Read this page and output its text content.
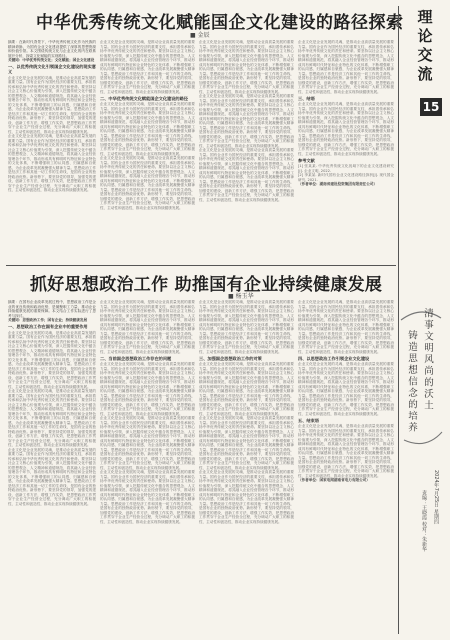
中华优秀传统文化赋能国企文化建设的路径探索
■ 金辰

摘要：在新时代背景下，中华优秀传统文化作为民族的精神命脉，为国有企业文化建设提供了深厚的思想资源和价值引领。本文围绕传统文化与企业文化的内在联系展开分析，探索文化赋能的实现路径。

关键词：中华优秀传统文化；文化赋能；国企文化建设

一、以优秀传统文化引领国企文化建设的现实意义

企业文化是企业发展的灵魂，是推动企业高质量发展的重要力量。国有企业作为国民经济的重要支柱，承担着传承和弘扬中华优秀传统文化的责任和使命。要坚持以社会主义核心价值观为引领，深入挖掘传统文化中蕴含的思想观念、人文精神和道德规范，将其融入企业经营管理各个环节，推动形成具有鲜明时代特征和企业特色的文化体系，不断增强职工的认同感、归属感和自豪感，为企业改革发展凝聚强大精神力量。思想政治工作是经济工作和其他一切工作的生命线，是国有企业的独特政治优势。新形势下，要坚持党的领导，加强党的建设，创新工作方法，增强工作实效，把思想政治工作贯穿于企业生产经营全过程，充分调动广大职工的积极性、主动性和创造性，推动企业实现持续健康发展。

企业文化是企业发展的灵魂，是推动企业高质量发展的重要力量。国有企业作为国民经济的重要支柱，承担着传承和弘扬中华优秀传统文化的责任和使命。要坚持以社会主义核心价值观为引领，深入挖掘传统文化中蕴含的思想观念、人文精神和道德规范，将其融入企业经营管理各个环节，推动形成具有鲜明时代特征和企业特色的文化体系，不断增强职工的认同感、归属感和自豪感，为企业改革发展凝聚强大精神力量。思想政治工作是经济工作和其他一切工作的生命线，是国有企业的独特政治优势。新形势下，要坚持党的领导，加强党的建设，创新工作方法，增强工作实效，把思想政治工作贯穿于企业生产经营全过程，充分调动广大职工的积极性、主动性和创造性，推动企业实现持续健康发展。

企业文化是企业发展的灵魂，是推动企业高质量发展的重要力量。国有企业作为国民经济的重要支柱，承担着传承和弘扬中华优秀传统文化的责任和使命。要坚持以社会主义核心价值观为引领，深入挖掘传统文化中蕴含的思想观念、人文精神和道德规范，将其融入企业经营管理各个环节，推动形成具有鲜明时代特征和企业特色的文化体系，不断增强职工的认同感、归属感和自豪感，为企业改革发展凝聚强大精神力量。思想政治工作是经济工作和其他一切工作的生命线，是国有企业的独特政治优势。新形势下，要坚持党的领导，加强党的建设，创新工作方法，增强工作实效，把思想政治工作贯穿于企业生产经营全过程，充分调动广大职工的积极性、主动性和创造性，推动企业实现持续健康发展。

二、中华优秀传统文化赋能国企文化建设的路径

企业文化是企业发展的灵魂，是推动企业高质量发展的重要力量。国有企业作为国民经济的重要支柱，承担着传承和弘扬中华优秀传统文化的责任和使命。要坚持以社会主义核心价值观为引领，深入挖掘传统文化中蕴含的思想观念、人文精神和道德规范，将其融入企业经营管理各个环节，推动形成具有鲜明时代特征和企业特色的文化体系，不断增强职工的认同感、归属感和自豪感，为企业改革发展凝聚强大精神力量。思想政治工作是经济工作和其他一切工作的生命线，是国有企业的独特政治优势。新形势下，要坚持党的领导，加强党的建设，创新工作方法，增强工作实效，把思想政治工作贯穿于企业生产经营全过程，充分调动广大职工的积极性、主动性和创造性，推动企业实现持续健康发展。

企业文化是企业发展的灵魂，是推动企业高质量发展的重要力量。国有企业作为国民经济的重要支柱，承担着传承和弘扬中华优秀传统文化的责任和使命。要坚持以社会主义核心价值观为引领，深入挖掘传统文化中蕴含的思想观念、人文精神和道德规范，将其融入企业经营管理各个环节，推动形成具有鲜明时代特征和企业特色的文化体系，不断增强职工的认同感、归属感和自豪感，为企业改革发展凝聚强大精神力量。思想政治工作是经济工作和其他一切工作的生命线，是国有企业的独特政治优势。新形势下，要坚持党的领导，加强党的建设，创新工作方法，增强工作实效，把思想政治工作贯穿于企业生产经营全过程，充分调动广大职工的积极性、主动性和创造性，推动企业实现持续健康发展。

企业文化是企业发展的灵魂，是推动企业高质量发展的重要力量。国有企业作为国民经济的重要支柱，承担着传承和弘扬中华优秀传统文化的责任和使命。要坚持以社会主义核心价值观为引领，深入挖掘传统文化中蕴含的思想观念、人文精神和道德规范，将其融入企业经营管理各个环节，推动形成具有鲜明时代特征和企业特色的文化体系，不断增强职工的认同感、归属感和自豪感，为企业改革发展凝聚强大精神力量。思想政治工作是经济工作和其他一切工作的生命线，是国有企业的独特政治优势。新形势下，要坚持党的领导，加强党的建设，创新工作方法，增强工作实效，把思想政治工作贯穿于企业生产经营全过程，充分调动广大职工的积极性、主动性和创造性，推动企业实现持续健康发展。

企业文化是企业发展的灵魂，是推动企业高质量发展的重要力量。国有企业作为国民经济的重要支柱，承担着传承和弘扬中华优秀传统文化的责任和使命。要坚持以社会主义核心价值观为引领，深入挖掘传统文化中蕴含的思想观念、人文精神和道德规范，将其融入企业经营管理各个环节，推动形成具有鲜明时代特征和企业特色的文化体系，不断增强职工的认同感、归属感和自豪感，为企业改革发展凝聚强大精神力量。思想政治工作是经济工作和其他一切工作的生命线，是国有企业的独特政治优势。新形势下，要坚持党的领导，加强党的建设，创新工作方法，增强工作实效，把思想政治工作贯穿于企业生产经营全过程，充分调动广大职工的积极性、主动性和创造性，推动企业实现持续健康发展。

企业文化是企业发展的灵魂，是推动企业高质量发展的重要力量。国有企业作为国民经济的重要支柱，承担着传承和弘扬中华优秀传统文化的责任和使命。要坚持以社会主义核心价值观为引领，深入挖掘传统文化中蕴含的思想观念、人文精神和道德规范，将其融入企业经营管理各个环节，推动形成具有鲜明时代特征和企业特色的文化体系，不断增强职工的认同感、归属感和自豪感，为企业改革发展凝聚强大精神力量。思想政治工作是经济工作和其他一切工作的生命线，是国有企业的独特政治优势。新形势下，要坚持党的领导，加强党的建设，创新工作方法，增强工作实效，把思想政治工作贯穿于企业生产经营全过程，充分调动广大职工的积极性、主动性和创造性，推动企业实现持续健康发展。

企业文化是企业发展的灵魂，是推动企业高质量发展的重要力量。国有企业作为国民经济的重要支柱，承担着传承和弘扬中华优秀传统文化的责任和使命。要坚持以社会主义核心价值观为引领，深入挖掘传统文化中蕴含的思想观念、人文精神和道德规范，将其融入企业经营管理各个环节，推动形成具有鲜明时代特征和企业特色的文化体系，不断增强职工的认同感、归属感和自豪感，为企业改革发展凝聚强大精神力量。思想政治工作是经济工作和其他一切工作的生命线，是国有企业的独特政治优势。新形势下，要坚持党的领导，加强党的建设，创新工作方法，增强工作实效，把思想政治工作贯穿于企业生产经营全过程，充分调动广大职工的积极性、主动性和创造性，推动企业实现持续健康发展。

三、结语

企业文化是企业发展的灵魂，是推动企业高质量发展的重要力量。国有企业作为国民经济的重要支柱，承担着传承和弘扬中华优秀传统文化的责任和使命。要坚持以社会主义核心价值观为引领，深入挖掘传统文化中蕴含的思想观念、人文精神和道德规范，将其融入企业经营管理各个环节，推动形成具有鲜明时代特征和企业特色的文化体系，不断增强职工的认同感、归属感和自豪感，为企业改革发展凝聚强大精神力量。思想政治工作是经济工作和其他一切工作的生命线，是国有企业的独特政治优势。新形势下，要坚持党的领导，加强党的建设，创新工作方法，增强工作实效，把思想政治工作贯穿于企业生产经营全过程，充分调动广大职工的积极性、主动性和创造性，推动企业实现持续健康发展。

参考文献

[1] 张某某. 中华优秀传统文化视域下的企业文化建设研究[J]. 企业文明, 2022.

[2] 李某某. 新时代国有企业文化建设路径探析[J]. 现代国企研究, 2021.

（作者单位：湖南省建设投资集团有限责任公司）

抓好思想政治工作 助推国有企业持续健康发展
■ 杨玉华

摘要：在国有企业改革发展过程中，思想政治工作是企业的优良传统和政治优势，是凝聚职工力量、推动企业持续健康发展的重要保障。本文结合工作实际进行了思考与探讨。

关键词：思想政治工作；国有企业；持续健康发展

一、思想政治工作在国有企业中的重要作用

企业文化是企业发展的灵魂，是推动企业高质量发展的重要力量。国有企业作为国民经济的重要支柱，承担着传承和弘扬中华优秀传统文化的责任和使命。要坚持以社会主义核心价值观为引领，深入挖掘传统文化中蕴含的思想观念、人文精神和道德规范，将其融入企业经营管理各个环节，推动形成具有鲜明时代特征和企业特色的文化体系，不断增强职工的认同感、归属感和自豪感，为企业改革发展凝聚强大精神力量。思想政治工作是经济工作和其他一切工作的生命线，是国有企业的独特政治优势。新形势下，要坚持党的领导，加强党的建设，创新工作方法，增强工作实效，把思想政治工作贯穿于企业生产经营全过程，充分调动广大职工的积极性、主动性和创造性，推动企业实现持续健康发展。

企业文化是企业发展的灵魂，是推动企业高质量发展的重要力量。国有企业作为国民经济的重要支柱，承担着传承和弘扬中华优秀传统文化的责任和使命。要坚持以社会主义核心价值观为引领，深入挖掘传统文化中蕴含的思想观念、人文精神和道德规范，将其融入企业经营管理各个环节，推动形成具有鲜明时代特征和企业特色的文化体系，不断增强职工的认同感、归属感和自豪感，为企业改革发展凝聚强大精神力量。思想政治工作是经济工作和其他一切工作的生命线，是国有企业的独特政治优势。新形势下，要坚持党的领导，加强党的建设，创新工作方法，增强工作实效，把思想政治工作贯穿于企业生产经营全过程，充分调动广大职工的积极性、主动性和创造性，推动企业实现持续健康发展。

企业文化是企业发展的灵魂，是推动企业高质量发展的重要力量。国有企业作为国民经济的重要支柱，承担着传承和弘扬中华优秀传统文化的责任和使命。要坚持以社会主义核心价值观为引领，深入挖掘传统文化中蕴含的思想观念、人文精神和道德规范，将其融入企业经营管理各个环节，推动形成具有鲜明时代特征和企业特色的文化体系，不断增强职工的认同感、归属感和自豪感，为企业改革发展凝聚强大精神力量。思想政治工作是经济工作和其他一切工作的生命线，是国有企业的独特政治优势。新形势下，要坚持党的领导，加强党的建设，创新工作方法，增强工作实效，把思想政治工作贯穿于企业生产经营全过程，充分调动广大职工的积极性、主动性和创造性，推动企业实现持续健康发展。

企业文化是企业发展的灵魂，是推动企业高质量发展的重要力量。国有企业作为国民经济的重要支柱，承担着传承和弘扬中华优秀传统文化的责任和使命。要坚持以社会主义核心价值观为引领，深入挖掘传统文化中蕴含的思想观念、人文精神和道德规范，将其融入企业经营管理各个环节，推动形成具有鲜明时代特征和企业特色的文化体系，不断增强职工的认同感、归属感和自豪感，为企业改革发展凝聚强大精神力量。思想政治工作是经济工作和其他一切工作的生命线，是国有企业的独特政治优势。新形势下，要坚持党的领导，加强党的建设，创新工作方法，增强工作实效，把思想政治工作贯穿于企业生产经营全过程，充分调动广大职工的积极性、主动性和创造性，推动企业实现持续健康发展。

二、当前国企思想政治工作存在的问题

企业文化是企业发展的灵魂，是推动企业高质量发展的重要力量。国有企业作为国民经济的重要支柱，承担着传承和弘扬中华优秀传统文化的责任和使命。要坚持以社会主义核心价值观为引领，深入挖掘传统文化中蕴含的思想观念、人文精神和道德规范，将其融入企业经营管理各个环节，推动形成具有鲜明时代特征和企业特色的文化体系，不断增强职工的认同感、归属感和自豪感，为企业改革发展凝聚强大精神力量。思想政治工作是经济工作和其他一切工作的生命线，是国有企业的独特政治优势。新形势下，要坚持党的领导，加强党的建设，创新工作方法，增强工作实效，把思想政治工作贯穿于企业生产经营全过程，充分调动广大职工的积极性、主动性和创造性，推动企业实现持续健康发展。

企业文化是企业发展的灵魂，是推动企业高质量发展的重要力量。国有企业作为国民经济的重要支柱，承担着传承和弘扬中华优秀传统文化的责任和使命。要坚持以社会主义核心价值观为引领，深入挖掘传统文化中蕴含的思想观念、人文精神和道德规范，将其融入企业经营管理各个环节，推动形成具有鲜明时代特征和企业特色的文化体系，不断增强职工的认同感、归属感和自豪感，为企业改革发展凝聚强大精神力量。思想政治工作是经济工作和其他一切工作的生命线，是国有企业的独特政治优势。新形势下，要坚持党的领导，加强党的建设，创新工作方法，增强工作实效，把思想政治工作贯穿于企业生产经营全过程，充分调动广大职工的积极性、主动性和创造性，推动企业实现持续健康发展。

企业文化是企业发展的灵魂，是推动企业高质量发展的重要力量。国有企业作为国民经济的重要支柱，承担着传承和弘扬中华优秀传统文化的责任和使命。要坚持以社会主义核心价值观为引领，深入挖掘传统文化中蕴含的思想观念、人文精神和道德规范，将其融入企业经营管理各个环节，推动形成具有鲜明时代特征和企业特色的文化体系，不断增强职工的认同感、归属感和自豪感，为企业改革发展凝聚强大精神力量。思想政治工作是经济工作和其他一切工作的生命线，是国有企业的独特政治优势。新形势下，要坚持党的领导，加强党的建设，创新工作方法，增强工作实效，把思想政治工作贯穿于企业生产经营全过程，充分调动广大职工的积极性、主动性和创造性，推动企业实现持续健康发展。

企业文化是企业发展的灵魂，是推动企业高质量发展的重要力量。国有企业作为国民经济的重要支柱，承担着传承和弘扬中华优秀传统文化的责任和使命。要坚持以社会主义核心价值观为引领，深入挖掘传统文化中蕴含的思想观念、人文精神和道德规范，将其融入企业经营管理各个环节，推动形成具有鲜明时代特征和企业特色的文化体系，不断增强职工的认同感、归属感和自豪感，为企业改革发展凝聚强大精神力量。思想政治工作是经济工作和其他一切工作的生命线，是国有企业的独特政治优势。新形势下，要坚持党的领导，加强党的建设，创新工作方法，增强工作实效，把思想政治工作贯穿于企业生产经营全过程，充分调动广大职工的积极性、主动性和创造性，推动企业实现持续健康发展。

三、加强国企思想政治工作的对策

企业文化是企业发展的灵魂，是推动企业高质量发展的重要力量。国有企业作为国民经济的重要支柱，承担着传承和弘扬中华优秀传统文化的责任和使命。要坚持以社会主义核心价值观为引领，深入挖掘传统文化中蕴含的思想观念、人文精神和道德规范，将其融入企业经营管理各个环节，推动形成具有鲜明时代特征和企业特色的文化体系，不断增强职工的认同感、归属感和自豪感，为企业改革发展凝聚强大精神力量。思想政治工作是经济工作和其他一切工作的生命线，是国有企业的独特政治优势。新形势下，要坚持党的领导，加强党的建设，创新工作方法，增强工作实效，把思想政治工作贯穿于企业生产经营全过程，充分调动广大职工的积极性、主动性和创造性，推动企业实现持续健康发展。

企业文化是企业发展的灵魂，是推动企业高质量发展的重要力量。国有企业作为国民经济的重要支柱，承担着传承和弘扬中华优秀传统文化的责任和使命。要坚持以社会主义核心价值观为引领，深入挖掘传统文化中蕴含的思想观念、人文精神和道德规范，将其融入企业经营管理各个环节，推动形成具有鲜明时代特征和企业特色的文化体系，不断增强职工的认同感、归属感和自豪感，为企业改革发展凝聚强大精神力量。思想政治工作是经济工作和其他一切工作的生命线，是国有企业的独特政治优势。新形势下，要坚持党的领导，加强党的建设，创新工作方法，增强工作实效，把思想政治工作贯穿于企业生产经营全过程，充分调动广大职工的积极性、主动性和创造性，推动企业实现持续健康发展。

企业文化是企业发展的灵魂，是推动企业高质量发展的重要力量。国有企业作为国民经济的重要支柱，承担着传承和弘扬中华优秀传统文化的责任和使命。要坚持以社会主义核心价值观为引领，深入挖掘传统文化中蕴含的思想观念、人文精神和道德规范，将其融入企业经营管理各个环节，推动形成具有鲜明时代特征和企业特色的文化体系，不断增强职工的认同感、归属感和自豪感，为企业改革发展凝聚强大精神力量。思想政治工作是经济工作和其他一切工作的生命线，是国有企业的独特政治优势。新形势下，要坚持党的领导，加强党的建设，创新工作方法，增强工作实效，把思想政治工作贯穿于企业生产经营全过程，充分调动广大职工的积极性、主动性和创造性，推动企业实现持续健康发展。

企业文化是企业发展的灵魂，是推动企业高质量发展的重要力量。国有企业作为国民经济的重要支柱，承担着传承和弘扬中华优秀传统文化的责任和使命。要坚持以社会主义核心价值观为引领，深入挖掘传统文化中蕴含的思想观念、人文精神和道德规范，将其融入企业经营管理各个环节，推动形成具有鲜明时代特征和企业特色的文化体系，不断增强职工的认同感、归属感和自豪感，为企业改革发展凝聚强大精神力量。思想政治工作是经济工作和其他一切工作的生命线，是国有企业的独特政治优势。新形势下，要坚持党的领导，加强党的建设，创新工作方法，增强工作实效，把思想政治工作贯穿于企业生产经营全过程，充分调动广大职工的积极性、主动性和创造性，推动企业实现持续健康发展。

四、以思想政治工作引领企业文化建设

企业文化是企业发展的灵魂，是推动企业高质量发展的重要力量。国有企业作为国民经济的重要支柱，承担着传承和弘扬中华优秀传统文化的责任和使命。要坚持以社会主义核心价值观为引领，深入挖掘传统文化中蕴含的思想观念、人文精神和道德规范，将其融入企业经营管理各个环节，推动形成具有鲜明时代特征和企业特色的文化体系，不断增强职工的认同感、归属感和自豪感，为企业改革发展凝聚强大精神力量。思想政治工作是经济工作和其他一切工作的生命线，是国有企业的独特政治优势。新形势下，要坚持党的领导，加强党的建设，创新工作方法，增强工作实效，把思想政治工作贯穿于企业生产经营全过程，充分调动广大职工的积极性、主动性和创造性，推动企业实现持续健康发展。

五、结束语

企业文化是企业发展的灵魂，是推动企业高质量发展的重要力量。国有企业作为国民经济的重要支柱，承担着传承和弘扬中华优秀传统文化的责任和使命。要坚持以社会主义核心价值观为引领，深入挖掘传统文化中蕴含的思想观念、人文精神和道德规范，将其融入企业经营管理各个环节，推动形成具有鲜明时代特征和企业特色的文化体系，不断增强职工的认同感、归属感和自豪感，为企业改革发展凝聚强大精神力量。思想政治工作是经济工作和其他一切工作的生命线，是国有企业的独特政治优势。新形势下，要坚持党的领导，加强党的建设，创新工作方法，增强工作实效，把思想政治工作贯穿于企业生产经营全过程，充分调动广大职工的积极性、主动性和创造性，推动企业实现持续健康发展。

（作者单位：国家电网湖南省电力有限公司）

理
论
交
流
15
清事文明风尚的沃土
铸造思想信念的培养
2024年7月25日 星期四
责编：王晓霞 校对：朱新华
